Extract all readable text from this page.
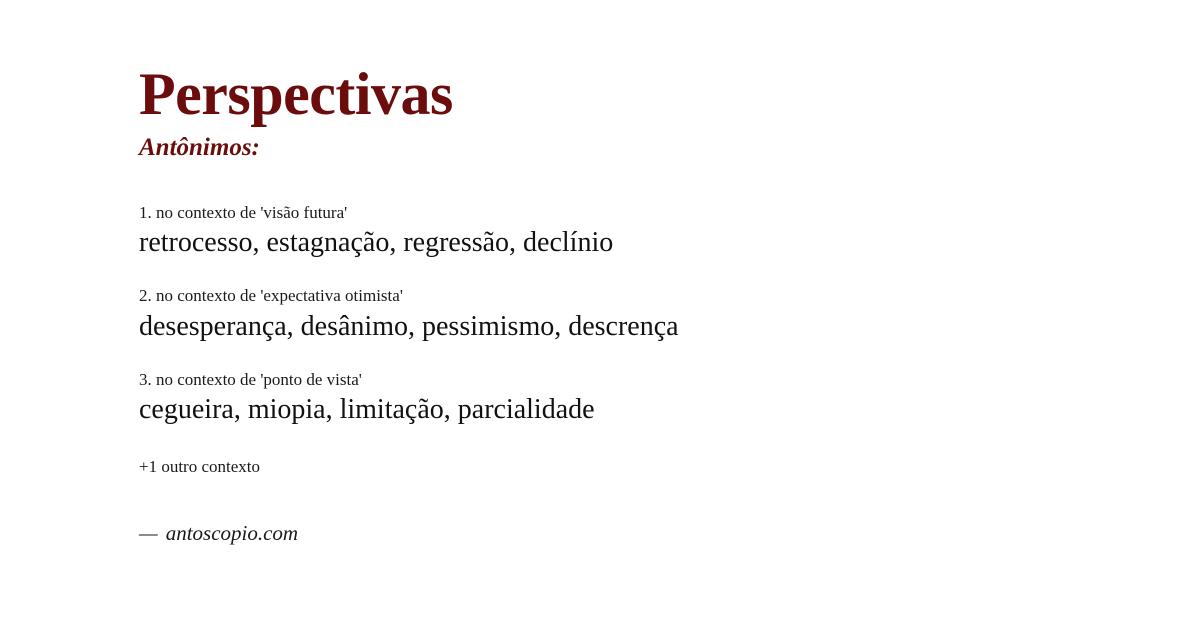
Perspectivas
Antônimos:
1. no contexto de 'visão futura'
retrocesso, estagnação, regressão, declínio
2. no contexto de 'expectativa otimista'
desesperança, desânimo, pessimismo, descrença
3. no contexto de 'ponto de vista'
cegueira, miopia, limitação, parcialidade
+1 outro contexto
— antoscopio.com
